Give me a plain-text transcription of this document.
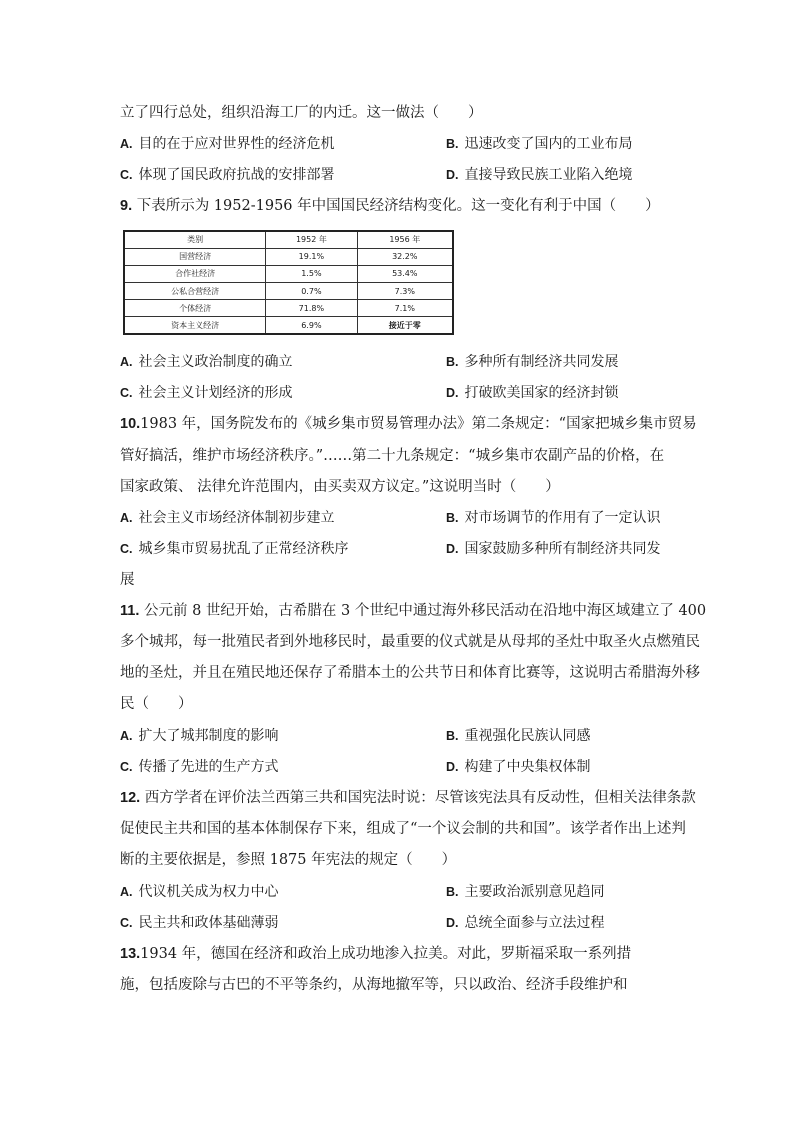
立了四行总处，组织沿海工厂的内迁。这一做法（　　）
A. 目的在于应对世界性的经济危机	B. 迅速改变了国内的工业布局
C. 体现了国民政府抗战的安排部署	D. 直接导致民族工业陷入绝境
9. 下表所示为 1952-1956 年中国国民经济结构变化。这一变化有利于中国（　　）
类别	1952 年	1956 年
国营经济	19.1%	32.2%
合作社经济	1.5%	53.4%
公私合营经济	0.7%	7.3%
个体经济	71.8%	7.1%
资本主义经济	6.9%	接近于零
A. 社会主义政治制度的确立	B. 多种所有制经济共同发展
C. 社会主义计划经济的形成	D. 打破欧美国家的经济封锁
10.1983 年，国务院发布的《城乡集市贸易管理办法》第二条规定：“国家把城乡集市贸易
管好搞活，维护市场经济秩序。”……第二十九条规定：“城乡集市农副产品的价格，在
国家政策、 法律允许范围内，由买卖双方议定。”这说明当时（　　）
A. 社会主义市场经济体制初步建立	B. 对市场调节的作用有了一定认识
C. 城乡集市贸易扰乱了正常经济秩序	D. 国家鼓励多种所有制经济共同发
展
11. 公元前 8 世纪开始，古希腊在 3 个世纪中通过海外移民活动在沿地中海区域建立了 400
多个城邦，每一批殖民者到外地移民时，最重要的仪式就是从母邦的圣灶中取圣火点燃殖民
地的圣灶，并且在殖民地还保存了希腊本土的公共节日和体育比赛等，这说明古希腊海外移
民（　　）
A. 扩大了城邦制度的影响	B. 重视强化民族认同感
C. 传播了先进的生产方式	D. 构建了中央集权体制
12. 西方学者在评价法兰西第三共和国宪法时说：尽管该宪法具有反动性，但相关法律条款
促使民主共和国的基本体制保存下来，组成了“一个议会制的共和国”。该学者作出上述判
断的主要依据是，参照 1875 年宪法的规定（　　）
A. 代议机关成为权力中心	B. 主要政治派别意见趋同
C. 民主共和政体基础薄弱	D. 总统全面参与立法过程
13.1934 年，德国在经济和政治上成功地渗入拉美。对此，罗斯福采取一系列措
施，包括废除与古巴的不平等条约，从海地撤军等，只以政治、经济手段维护和
